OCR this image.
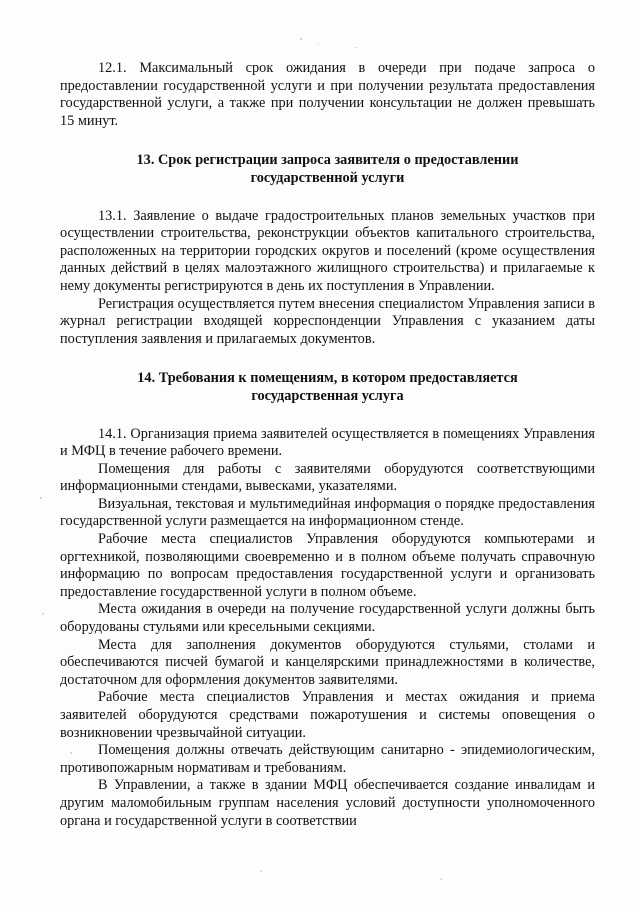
12.1. Максимальный срок ожидания в очереди при подаче запроса о предоставлении государственной услуги и при получении результата предоставления государственной услуги, а также при получении консультации не должен превышать 15 минут.

13. Срок регистрации запроса заявителя о предоставлении государственной услуги

13.1. Заявление о выдаче градостроительных планов земельных участков при осуществлении строительства, реконструкции объектов капитального строительства, расположенных на территории городских округов и поселений (кроме осуществления данных действий в целях малоэтажного жилищного строительства) и прилагаемые к нему документы регистрируются в день их поступления в Управлении.

Регистрация осуществляется путем внесения специалистом Управления записи в журнал регистрации входящей корреспонденции Управления с указанием даты поступления заявления и прилагаемых документов.

14. Требования к помещениям, в котором предоставляется государственная услуга

14.1. Организация приема заявителей осуществляется в помещениях Управления и МФЦ в течение рабочего времени.

Помещения для работы с заявителями оборудуются соответствующими информационными стендами, вывесками, указателями.

Визуальная, текстовая и мультимедийная информация о порядке предоставления государственной услуги размещается на информационном стенде.

Рабочие места специалистов Управления оборудуются компьютерами и оргтехникой, позволяющими своевременно и в полном объеме получать справочную информацию по вопросам предоставления государственной услуги и организовать предоставление государственной услуги в полном объеме.

Места ожидания в очереди на получение государственной услуги должны быть оборудованы стульями или кресельными секциями.

Места для заполнения документов оборудуются стульями, столами и обеспечиваются писчей бумагой и канцелярскими принадлежностями в количестве, достаточном для оформления документов заявителями.

Рабочие места специалистов Управления и местах ожидания и приема заявителей оборудуются средствами пожаротушения и системы оповещения о возникновении чрезвычайной ситуации.

Помещения должны отвечать действующим санитарно - эпидемиологическим, противопожарным нормативам и требованиям.

В Управлении, а также в здании МФЦ обеспечивается создание инвалидам и другим маломобильным группам населения условий доступности уполномоченного органа и государственной услуги в соответствии
